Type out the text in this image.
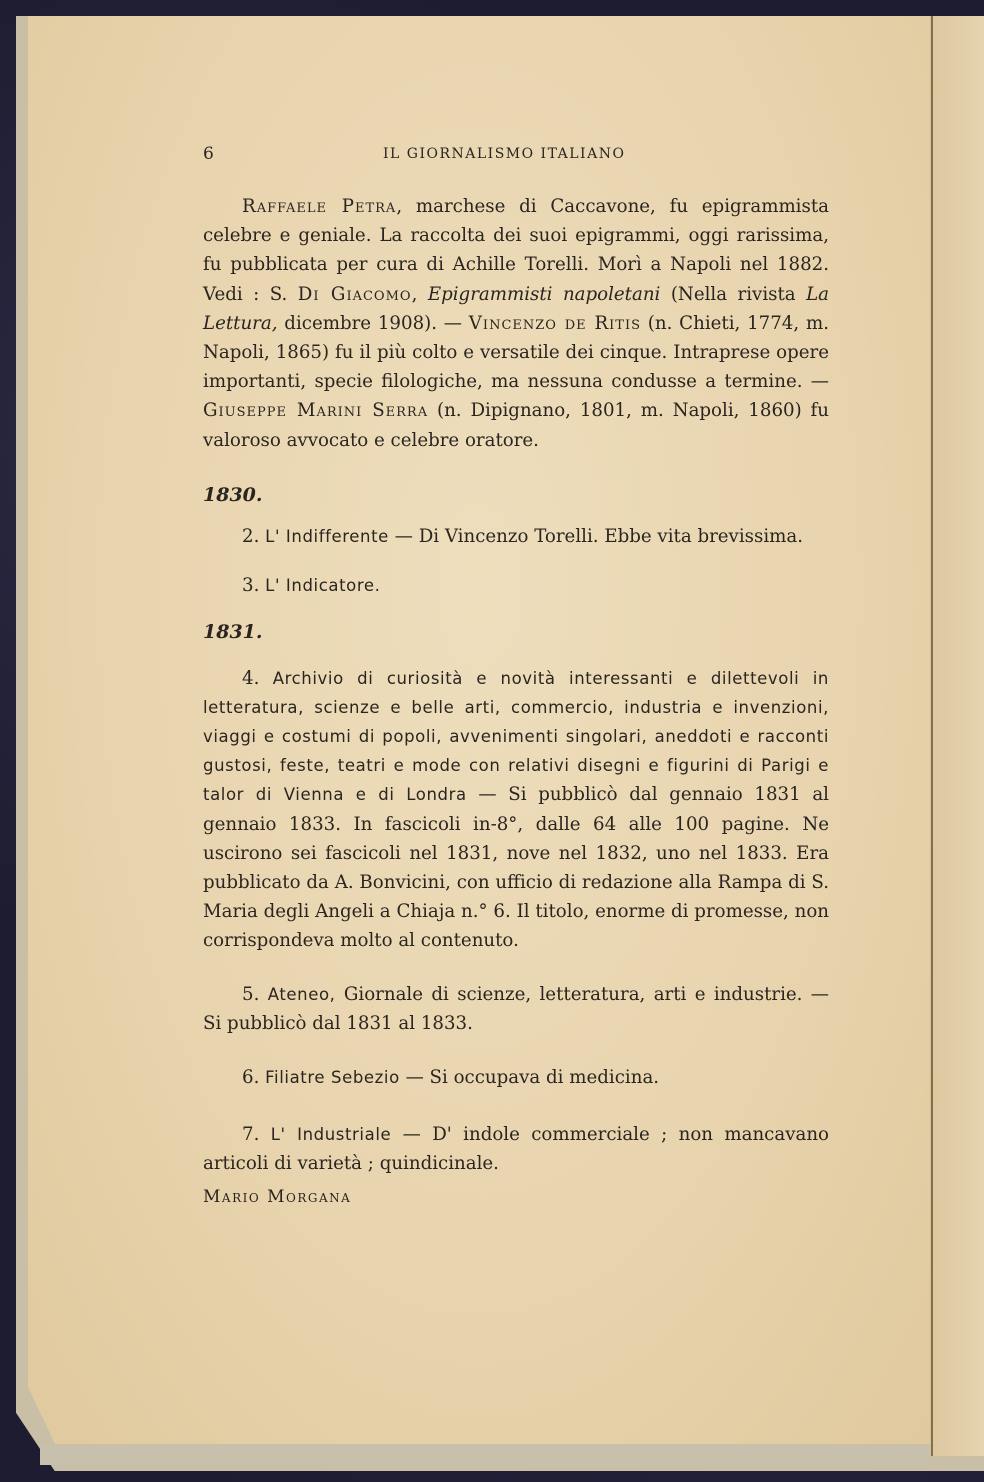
6	IL GIORNALISMO ITALIANO

Raffaele Petra, marchese di Caccavone, fu epigrammista celebre e geniale. La raccolta dei suoi epigrammi, oggi rarissima, fu pubblicata per cura di Achille Torelli. Morì a Napoli nel 1882. Vedi : S. Di Giacomo, Epigrammisti napoletani (Nella rivista La Lettura, dicembre 1908). — Vincenzo de Ritis (n. Chieti, 1774, m. Napoli, 1865) fu il più colto e versatile dei cinque. Intraprese opere importanti, specie filologiche, ma nessuna condusse a termine. — Giuseppe Marini Serra (n. Dipignano, 1801, m. Napoli, 1860) fu valoroso avvocato e celebre oratore.

1830.

2. L' Indifferente — Di Vincenzo Torelli. Ebbe vita brevissima.

3. L' Indicatore.

1831.

4. Archivio di curiosità e novità interessanti e dilettevoli in letteratura, scienze e belle arti, commercio, industria e invenzioni, viaggi e costumi di popoli, avvenimenti singolari, aneddoti e racconti gustosi, feste, teatri e mode con relativi disegni e figurini di Parigi e talor di Vienna e di Londra — Si pubblicò dal gennaio 1831 al gennaio 1833. In fascicoli in-8°, dalle 64 alle 100 pagine. Ne uscirono sei fascicoli nel 1831, nove nel 1832, uno nel 1833. Era pubblicato da A. Bonvicini, con ufficio di redazione alla Rampa di S. Maria degli Angeli a Chiaja n.° 6. Il titolo, enorme di promesse, non corrispondeva molto al contenuto.

5. Ateneo, Giornale di scienze, letteratura, arti e industrie. — Si pubblicò dal 1831 al 1833.

6. Filiatre Sebezio — Si occupava di medicina.

7. L' Industriale — D' indole commerciale ; non mancavano articoli di varietà ; quindicinale.

Mario Morgana
